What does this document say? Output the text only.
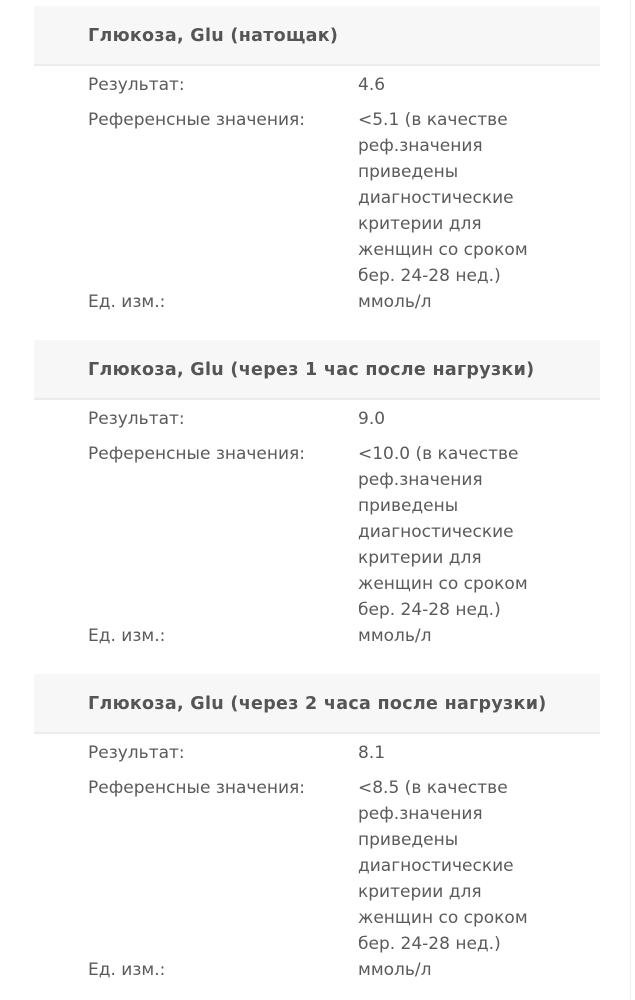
Глюкоза, Glu (натощак)
Результат:	4.6
Референсные значения:	<5.1 (в качестве
реф.значения
приведены
диагностические
критерии для
женщин со сроком
бер. 24-28 нед.)
Ед. изм.:	ммоль/л
Глюкоза, Glu (через 1 час после нагрузки)
Результат:	9.0
Референсные значения:	<10.0 (в качестве
реф.значения
приведены
диагностические
критерии для
женщин со сроком
бер. 24-28 нед.)
Ед. изм.:	ммоль/л
Глюкоза, Glu (через 2 часа после нагрузки)
Результат:	8.1
Референсные значения:	<8.5 (в качестве
реф.значения
приведены
диагностические
критерии для
женщин со сроком
бер. 24-28 нед.)
Ед. изм.:	ммоль/л
